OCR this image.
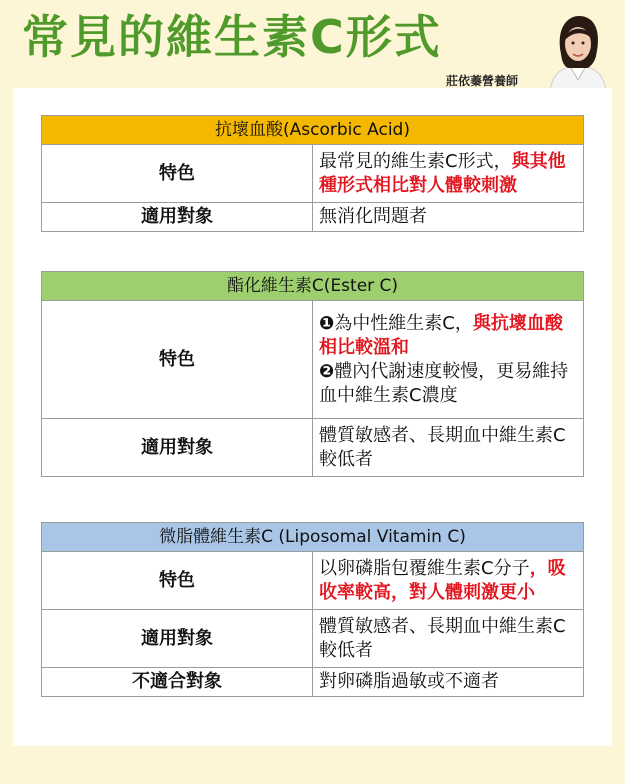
常見的維生素C形式
莊依蓁營養師
抗壞血酸(Ascorbic Acid)	
特色	最常見的維生素C形式，與其他種形式相比對人體較刺激
適用對象	無消化問題者
酯化維生素C(Ester C)	
特色	❶為中性維生素C，與抗壞血酸相比較溫和
❷體內代謝速度較慢，更易維持血中維生素C濃度

適用對象	體質敏感者、長期血中維生素C較低者
微脂體維生素C (Liposomal Vitamin C)	
特色	以卵磷脂包覆維生素C分子，吸收率較高，對人體刺激更小
適用對象	體質敏感者、長期血中維生素C較低者
不適合對象	對卵磷脂過敏或不適者
